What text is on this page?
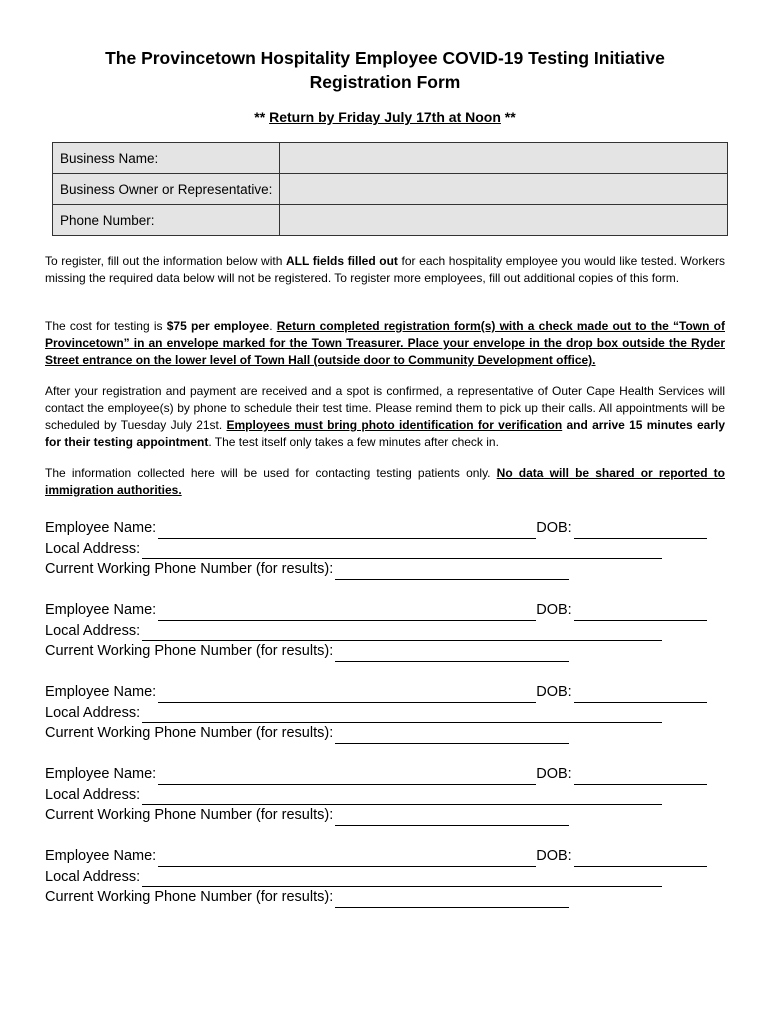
The Provincetown Hospitality Employee COVID-19 Testing Initiative
Registration Form
** Return by Friday July 17th at Noon **
Business Name:	
Business Owner or Representative:	
Phone Number:	
To register, fill out the information below with ALL fields filled out for each hospitality employee you would like tested. Workers missing the required data below will not be registered. To register more employees, fill out additional copies of this form.
The cost for testing is $75 per employee. Return completed registration form(s) with a check made out to the “Town of Provincetown” in an envelope marked for the Town Treasurer. Place your envelope in the drop box outside the Ryder Street entrance on the lower level of Town Hall (outside door to Community Development office).
After your registration and payment are received and a spot is confirmed, a representative of Outer Cape Health Services will contact the employee(s) by phone to schedule their test time. Please remind them to pick up their calls. All appointments will be scheduled by Tuesday July 21st. Employees must bring photo identification for verification and arrive 15 minutes early for their testing appointment. The test itself only takes a few minutes after check in.
The information collected here will be used for contacting testing patients only. No data will be shared or reported to immigration authorities.
Employee Name:	DOB:
Local Address:
Current Working Phone Number (for results):
Employee Name:	DOB:
Local Address:
Current Working Phone Number (for results):
Employee Name:	DOB:
Local Address:
Current Working Phone Number (for results):
Employee Name:	DOB:
Local Address:
Current Working Phone Number (for results):
Employee Name:	DOB:
Local Address:
Current Working Phone Number (for results):
